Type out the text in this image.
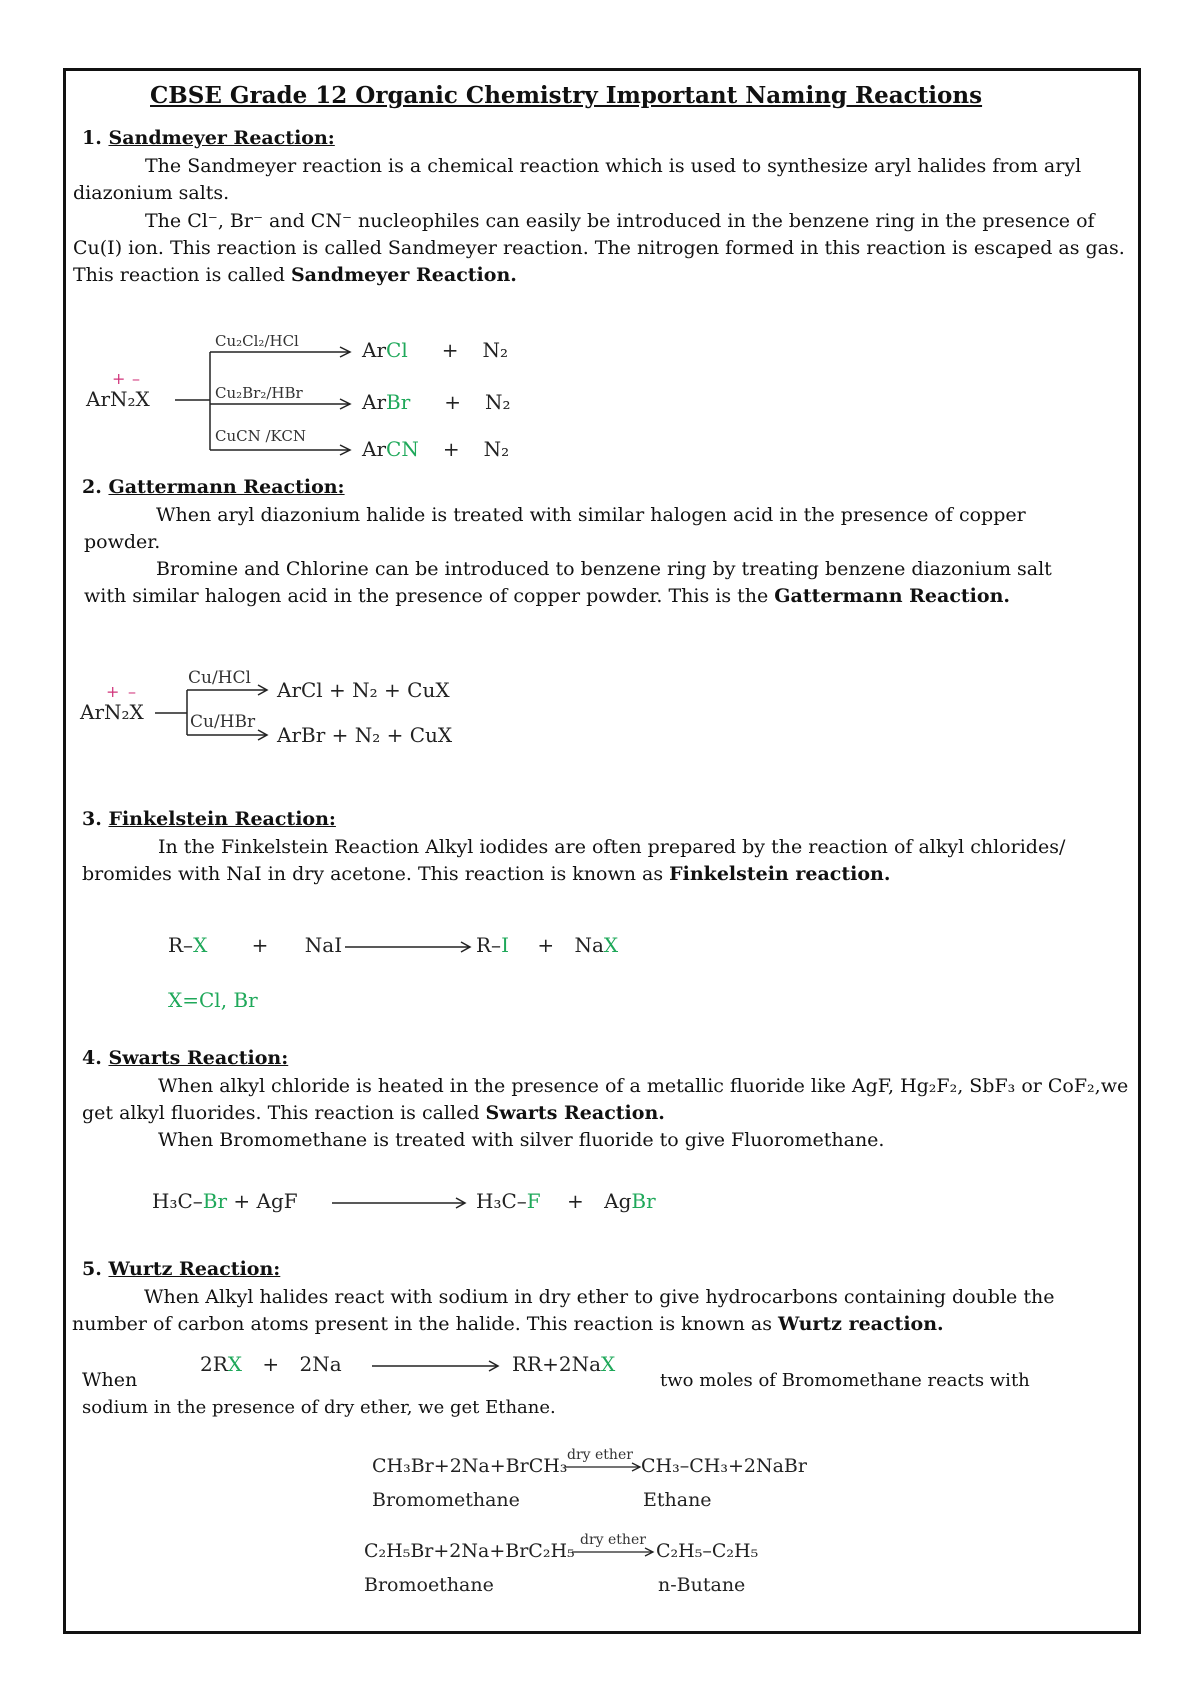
CBSE Grade 12 Organic Chemistry Important Naming Reactions
1. Sandmeyer Reaction:
The Sandmeyer reaction is a chemical reaction which is used to synthesize aryl halides from aryl diazonium salts.
The Cl⁻, Br⁻ and CN⁻ nucleophiles can easily be introduced in the benzene ring in the presence of Cu(I) ion. This reaction is called Sandmeyer reaction. The nitrogen formed in this reaction is escaped as gas. This reaction is called Sandmeyer Reaction.
+ –
ArN₂X
Cu₂Cl₂/HCl
Cu₂Br₂/HBr
CuCN /KCN
ArCl + N₂
ArBr + N₂
ArCN + N₂
2. Gattermann Reaction:
When aryl diazonium halide is treated with similar halogen acid in the presence of copper powder.
Bromine and Chlorine can be introduced to benzene ring by treating benzene diazonium salt with similar halogen acid in the presence of copper powder. This is the Gattermann Reaction.
+ –
ArN₂X
Cu/HCl
Cu/HBr
ArCl + N₂ + CuX
ArBr + N₂ + CuX
3. Finkelstein Reaction:
In the Finkelstein Reaction Alkyl iodides are often prepared by the reaction of alkyl chlorides/ bromides with NaI in dry acetone. This reaction is known as Finkelstein reaction.
R–X + NaI	R–I + NaX
X=Cl, Br
4. Swarts Reaction:
When alkyl chloride is heated in the presence of a metallic fluoride like AgF, Hg₂F₂, SbF₃ or CoF₂,we get alkyl fluorides. This reaction is called Swarts Reaction.
When Bromomethane is treated with silver fluoride to give Fluoromethane.
H₃C–Br + AgF	H₃C–F + AgBr
5. Wurtz Reaction:
When Alkyl halides react with sodium in dry ether to give hydrocarbons containing double the number of carbon atoms present in the halide. This reaction is known as Wurtz reaction.
When
2RX + 2Na	RR+2NaX
two moles of Bromomethane reacts with
sodium in the presence of dry ether, we get Ethane.
CH₃Br+2Na+BrCH₃ dry ether CH₃–CH₃+2NaBr
Bromomethane	Ethane
C₂H₅Br+2Na+BrC₂H₅ dry ether C₂H₅–C₂H₅
Bromoethane	n-Butane
